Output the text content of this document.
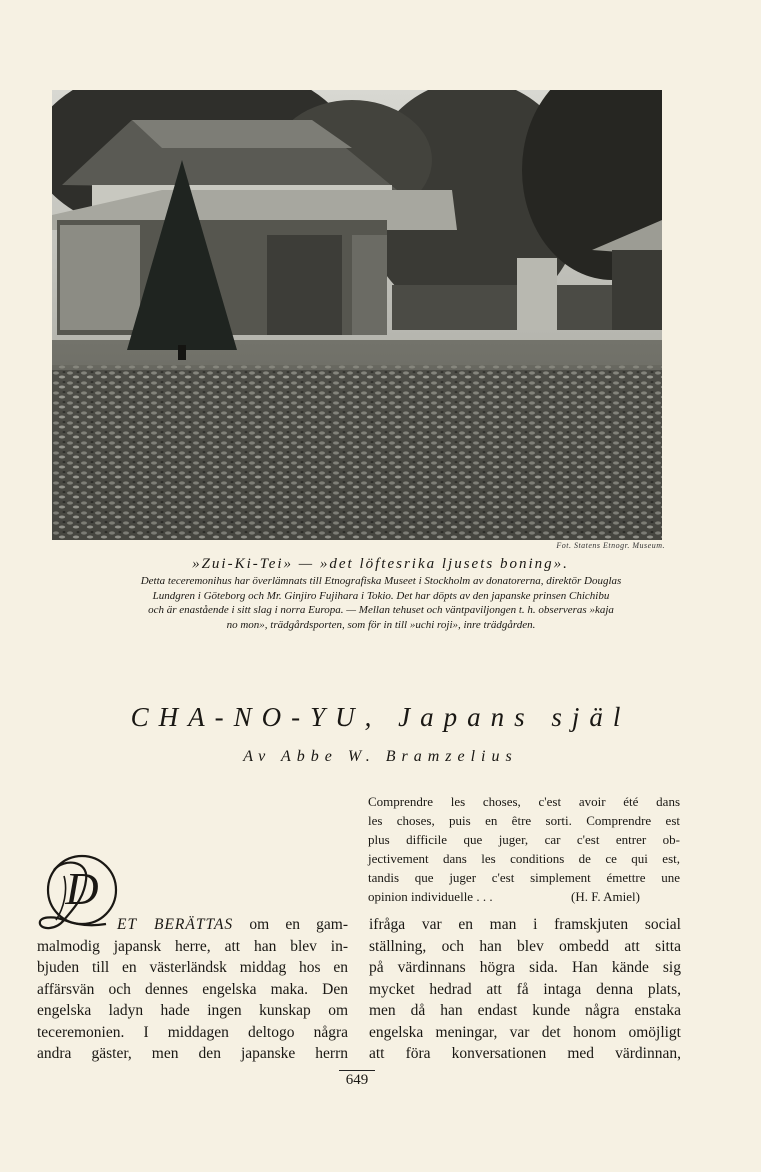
Fot. Statens Etnogr. Museum.
»Zui-Ki-Tei» — »det löftesrika ljusets boning».
Detta teceremonihus har överlämnats till Etnografiska Museet i Stockholm av donatorerna, direktör Douglas
Lundgren i Göteborg och Mr. Ginjiro Fujihara i Tokio. Det har döpts av den japanske prinsen Chichibu
och är enastående i sitt slag i norra Europa. — Mellan tehuset och väntpaviljongen t. h. observeras »kaja
no mon», trädgårdsporten, som för in till »uchi roji», inre trädgården.
CHA-NO-YU, Japans själ
Av Abbe W. Bramzelius
Comprendre les choses, c'est avoir été dans
les choses, puis en être sorti. Comprendre est
plus difficile que juger, car c'est entrer ob-
jectivement dans les conditions de ce qui est,
tandis que juger c'est simplement émettre une
opinion individuelle . . .	(H. F. Amiel)
D
ET BERÄTTAS om en gam-
malmodig japansk herre, att han blev in-
bjuden till en västerländsk middag hos en
affärsvän och dennes engelska maka. Den
engelska ladyn hade ingen kunskap om
teceremonien. I middagen deltogo några
andra gäster, men den japanske herrn
ifråga var en man i framskjuten social
ställning, och han blev ombedd att sitta
på värdinnans högra sida. Han kände sig
mycket hedrad att få intaga denna plats,
men då han endast kunde några enstaka
engelska meningar, var det honom omöjligt
att föra konversationen med värdinnan,
649
